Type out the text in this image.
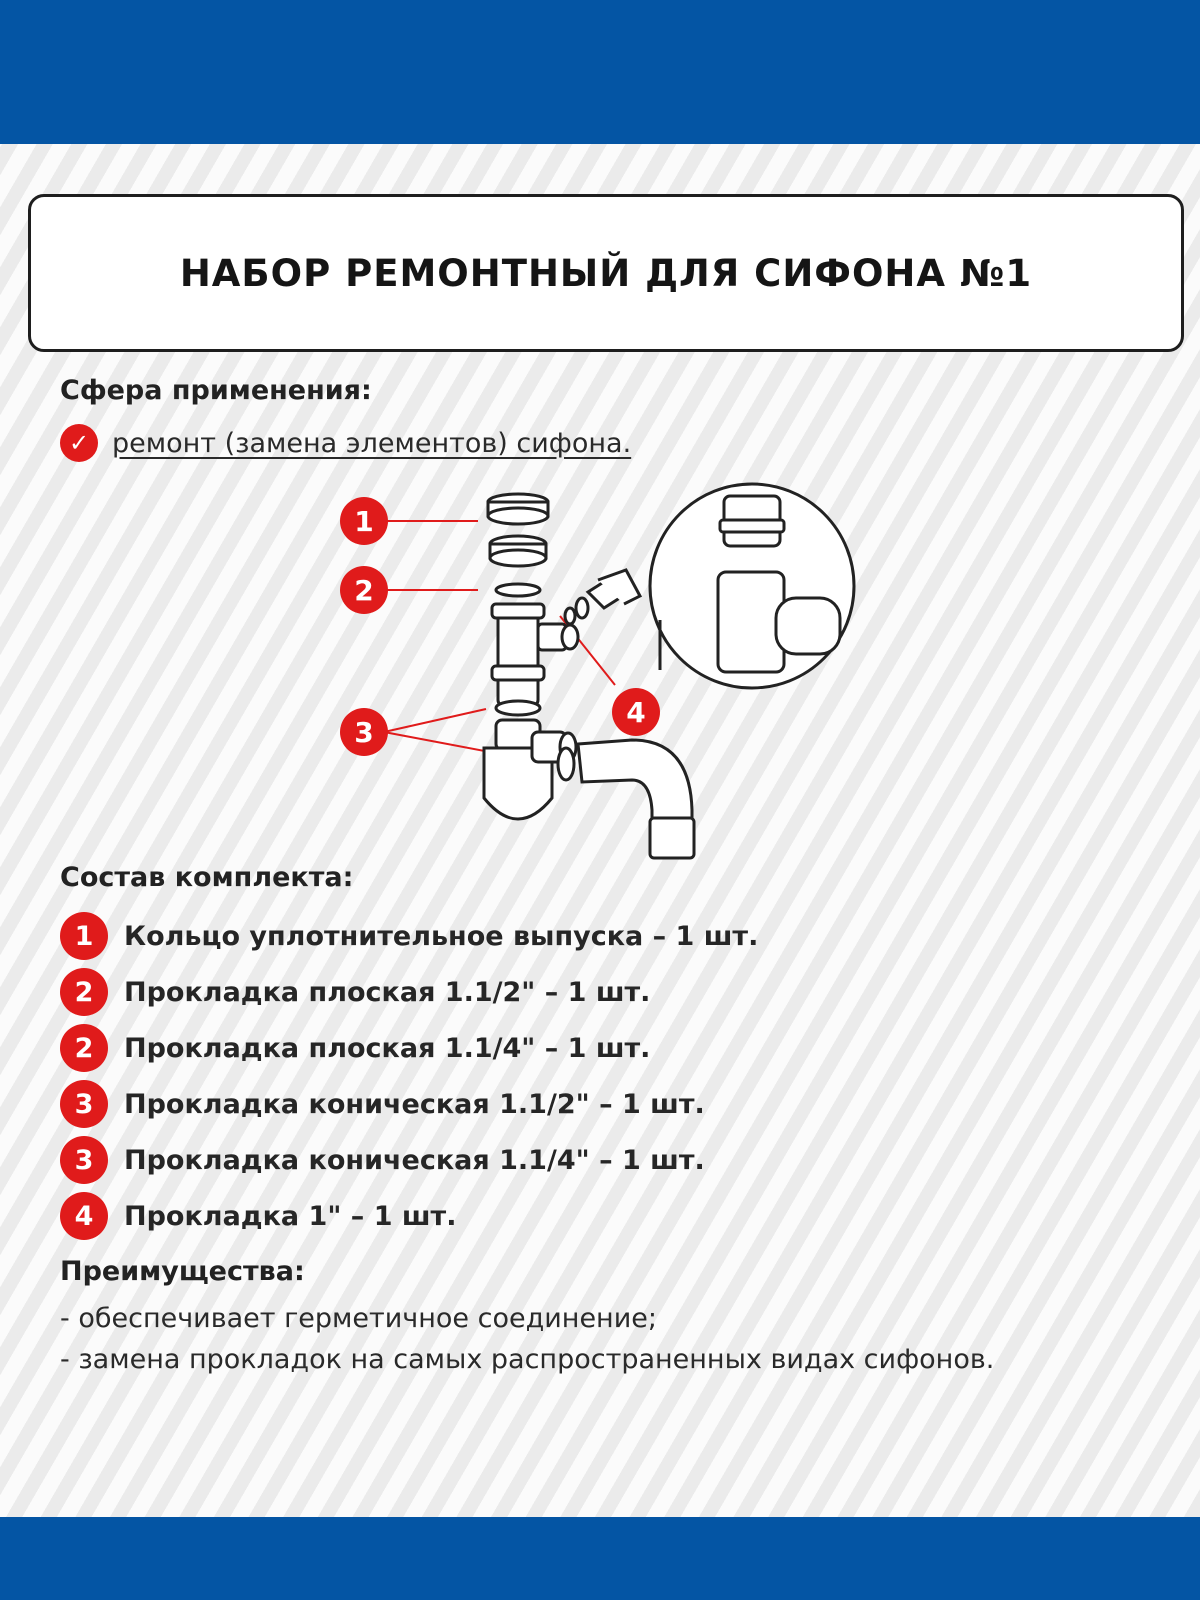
НАБОР РЕМОНТНЫЙ ДЛЯ СИФОНА №1
Сфера применения:
✓ ремонт (замена элементов) сифона.
1
2
3
4
Состав комплекта:
1	Кольцо уплотнительное выпуска – 1 шт.
2	Прокладка плоская 1.1/2" – 1 шт.
2	Прокладка плоская 1.1/4" – 1 шт.
3	Прокладка коническая 1.1/2" – 1 шт.
3	Прокладка коническая 1.1/4" – 1 шт.
4	Прокладка 1" – 1 шт.
Преимущества:
- обеспечивает герметичное соединение;
- замена прокладок на самых распространенных видах сифонов.
